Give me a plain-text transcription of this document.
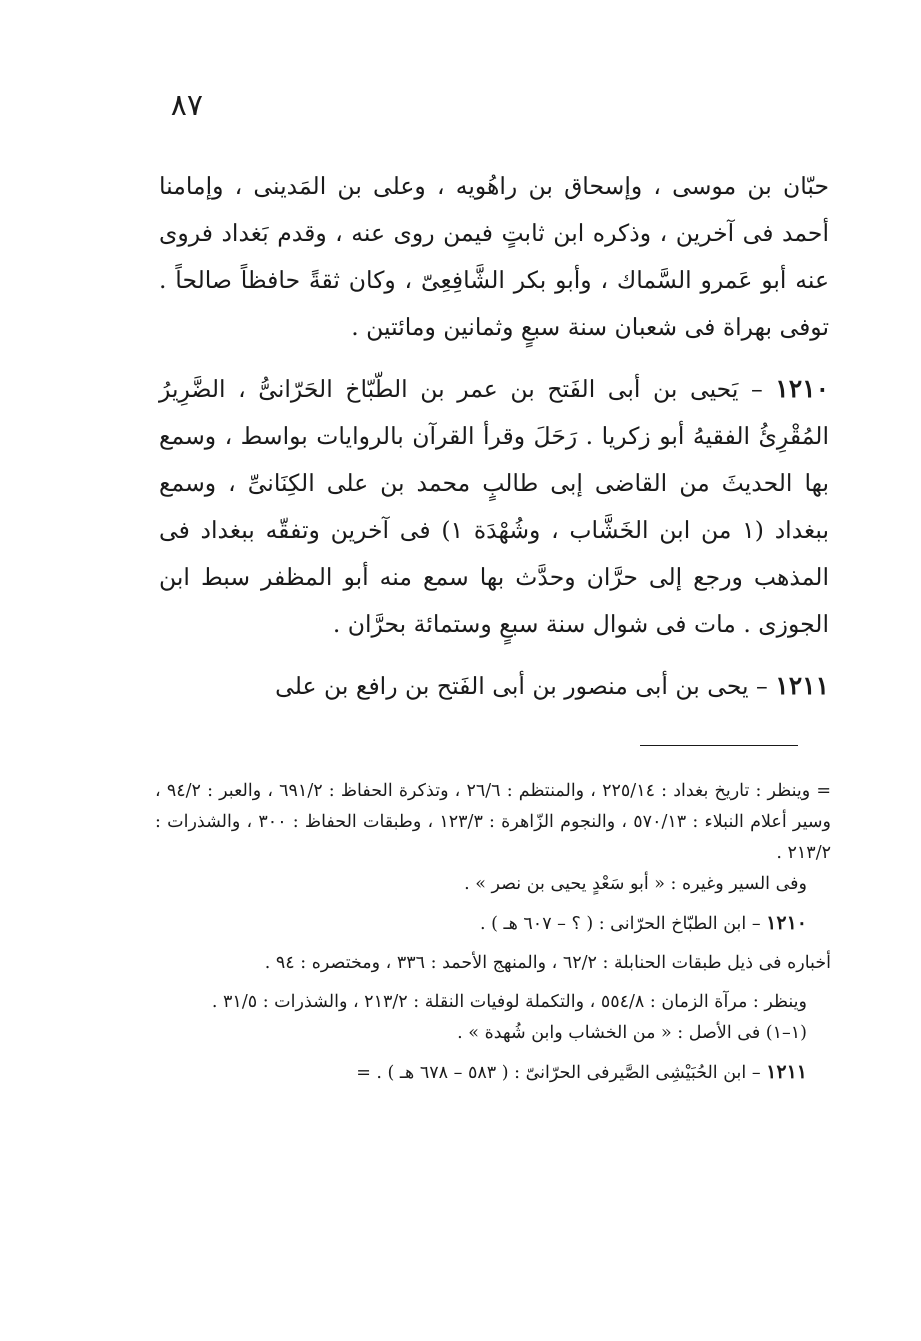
٨٧

حبّان بن موسى ، وإسحاق بن راهُويه ، وعلى بن المَدينى ، وإمامنا أحمد فى آخرين ، وذكره ابن ثابتٍ فيمن روى عنه ، وقدم بَغداد فروى عنه أبو عَمرو السَّماك ، وأبو بكر الشَّافِعِىّ ، وكان ثقةً حافظاً صالحاً . توفى بهراة فى شعبان سنة سبعٍ وثمانين ومائتين .

١٢١٠ – يَحيى بن أبى الفَتح بن عمر بن الطّبّاخ الحَرّانىُّ ، الضَّرِيرُ المُقْرِئُ الفقيهُ أبو زكريا . رَحَلَ وقرأ القرآن بالروايات بواسط ، وسمع بها الحديثَ من القاضى إبى طالبٍ محمد بن على الكِنَانىِّ ، وسمع ببغداد (١ من ابن الخَشَّاب ، وشُهْدَة ١) فى آخرين وتفقّه ببغداد فى المذهب ورجع إلى حرَّان وحدَّث بها سمع منه أبو المظفر سبط ابن الجوزى . مات فى شوال سنة سبعٍ وستمائة بحرَّان .

١٢١١ – يحى بن أبى منصور بن أبى الفَتح بن رافع بن على

= وينظر : تاريخ بغداد : ٢٢٥/١٤ ، والمنتظم : ٢٦/٦ ، وتذكرة الحفاظ : ٦٩١/٢ ، والعبر : ٩٤/٢ ، وسير أعلام النبلاء : ٥٧٠/١٣ ، والنجوم الزّاهرة : ١٢٣/٣ ، وطبقات الحفاظ : ٣٠٠ ، والشذرات : ٢١٣/٢ .

وفى السير وغيره : « أبو سَعْدٍ يحيى بن نصر » .

١٢١٠ – ابن الطبّاخ الحرّانى : ( ؟ – ٦٠٧ هـ ) .

أخباره فى ذيل طبقات الحنابلة : ٦٢/٢ ، والمنهج الأحمد : ٣٣٦ ، ومختصره : ٩٤ .

وينظر : مرآة الزمان : ٥٥٤/٨ ، والتكملة لوفيات النقلة : ٢١٣/٢ ، والشذرات : ٣١/٥ .

(١–١) فى الأصل : « من الخشاب وابن شُهدة » .

١٢١١ – ابن الحُبَيْشِى الصَّيرفى الحرّانىّ : ( ٥٨٣ – ٦٧٨ هـ ) . =
